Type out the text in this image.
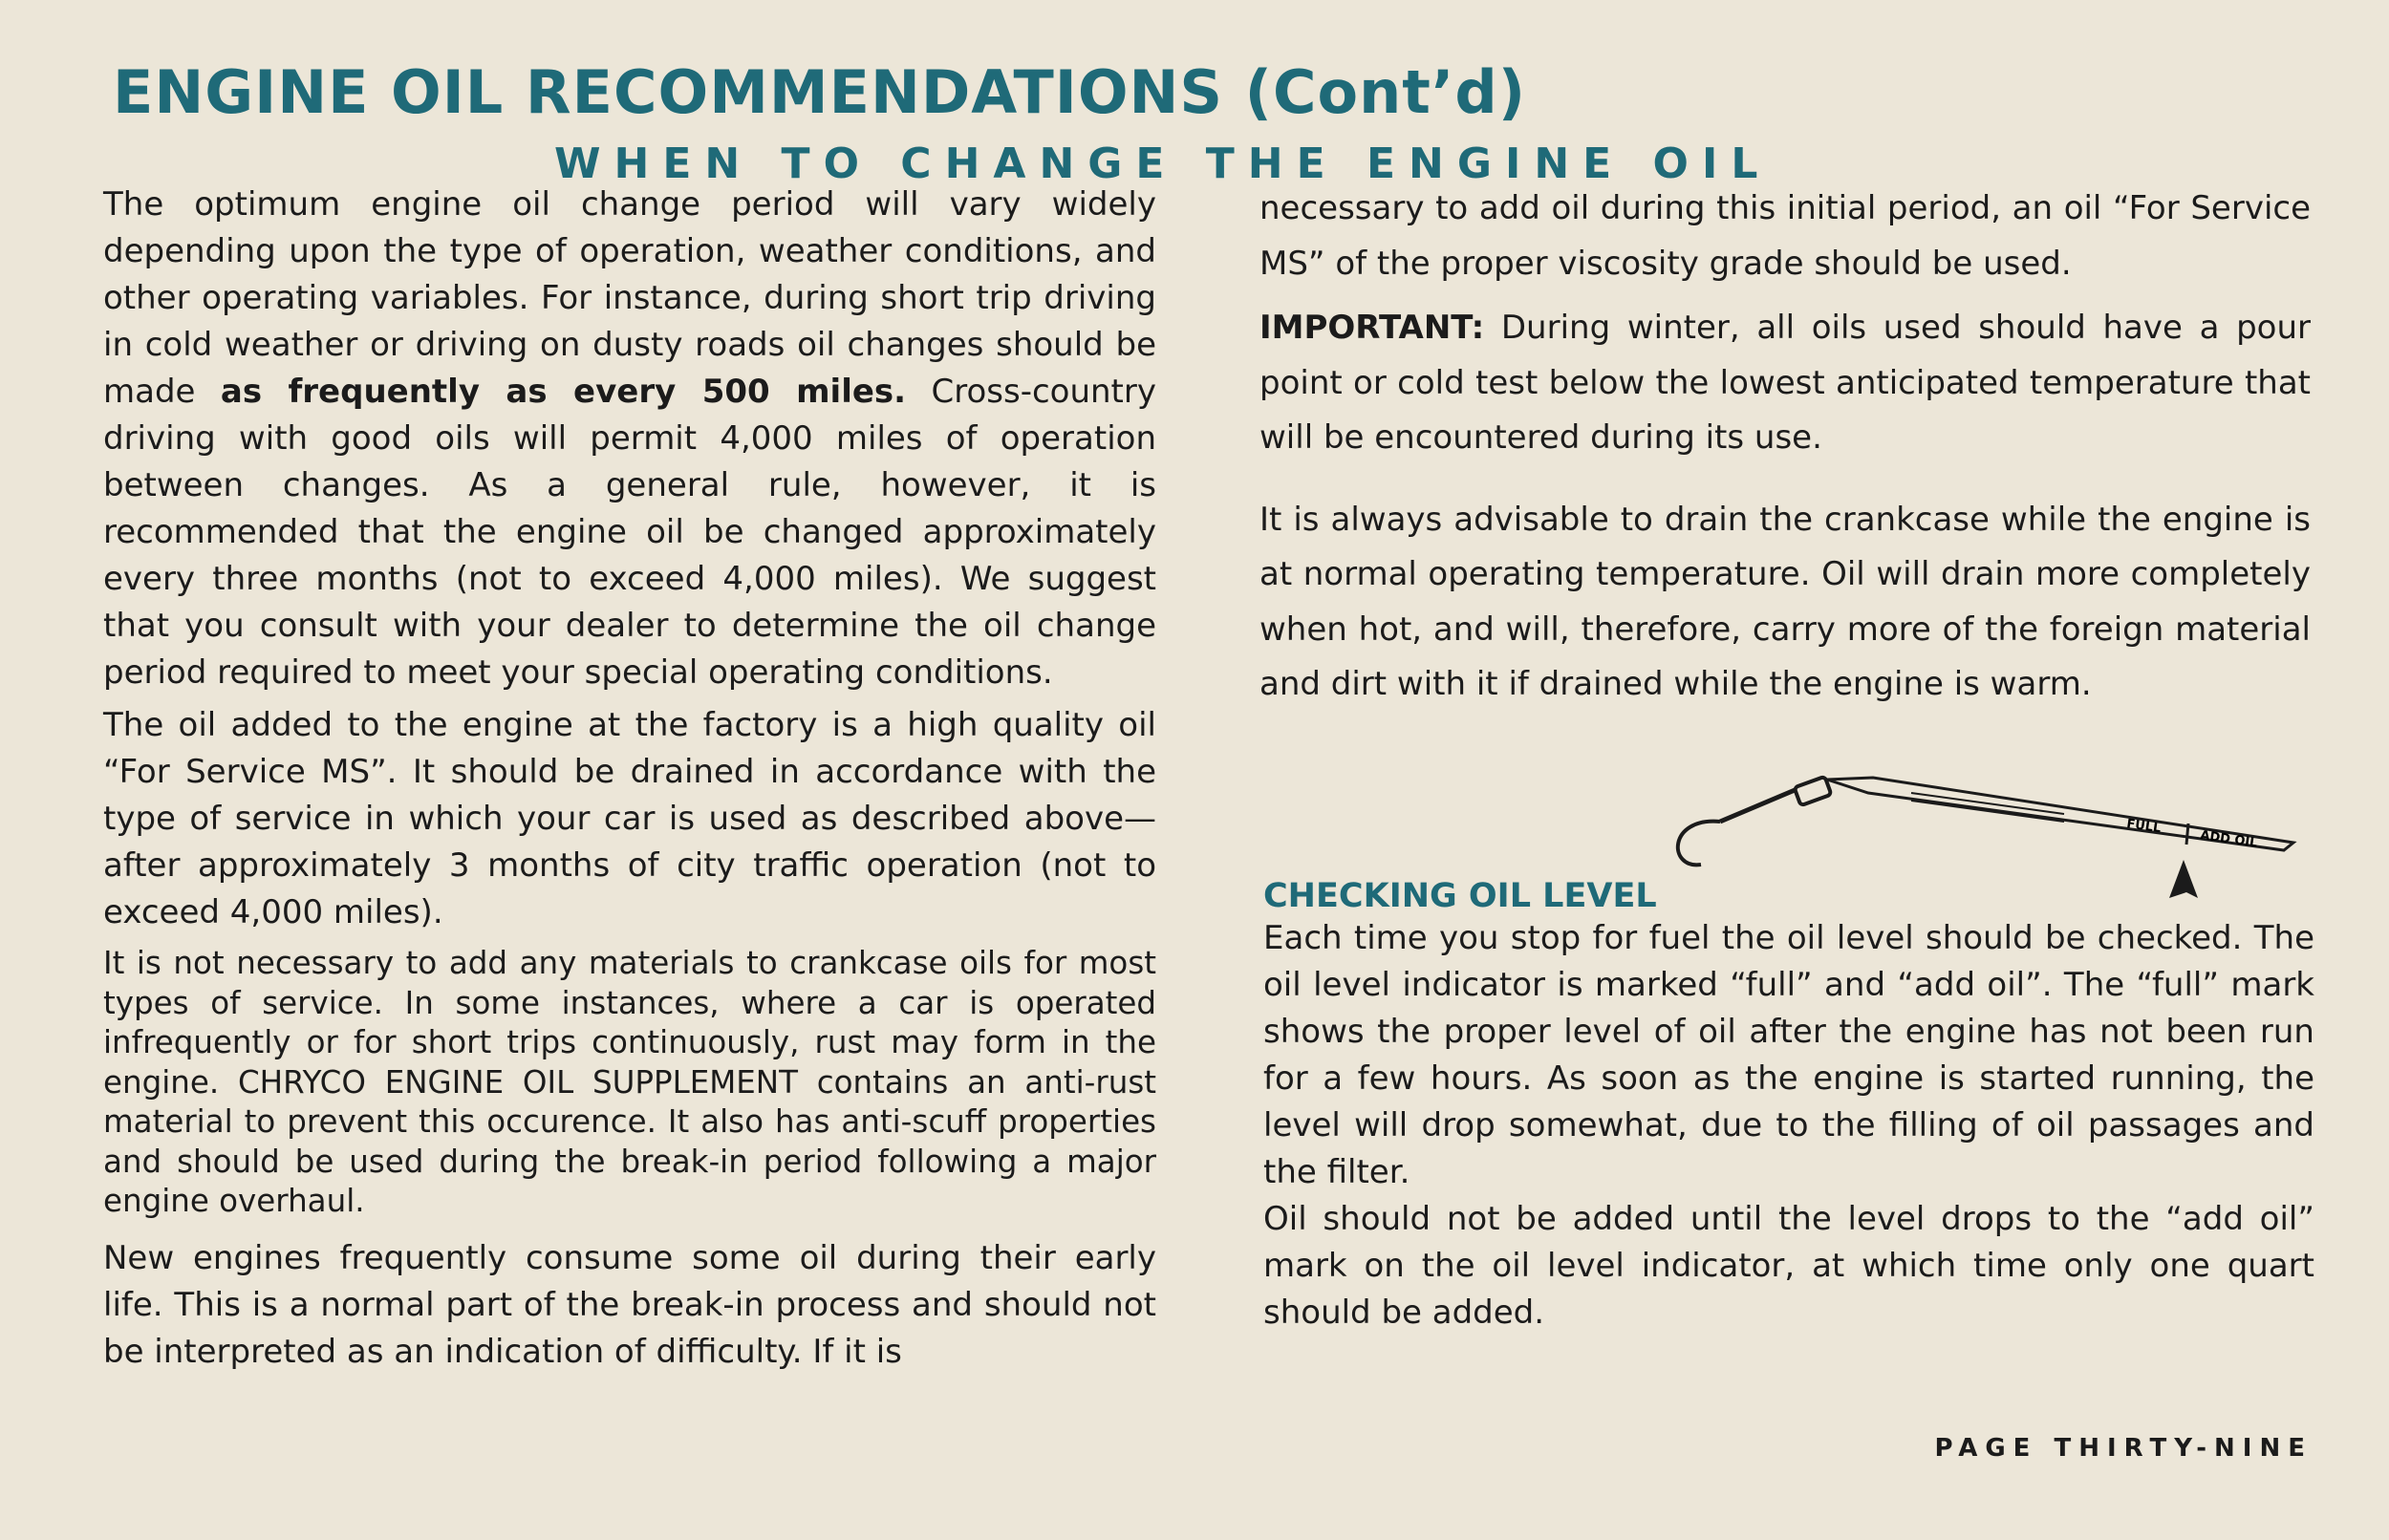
ENGINE OIL RECOMMENDATIONS (Cont’d)
WHEN TO CHANGE THE ENGINE OIL

The optimum engine oil change period will vary widely depending upon the type of operation, weather conditions, and other operating variables. For instance, during short trip driving in cold weather or driving on dusty roads oil changes should be made as frequently as every 500 miles. Cross-country driving with good oils will permit 4,000 miles of operation between changes. As a general rule, however, it is recommended that the engine oil be changed approximately every three months (not to exceed 4,000 miles). We suggest that you consult with your dealer to determine the oil change period required to meet your special operating conditions.

The oil added to the engine at the factory is a high quality oil “For Service MS”. It should be drained in accordance with the type of service in which your car is used as described above—after approximately 3 months of city traffic operation (not to exceed 4,000 miles).

It is not necessary to add any materials to crankcase oils for most types of service. In some instances, where a car is operated infrequently or for short trips continuously, rust may form in the engine. CHRYCO ENGINE OIL SUPPLEMENT contains an anti-rust material to prevent this occurence. It also has anti-scuff properties and should be used during the break-in period following a major engine overhaul.

New engines frequently consume some oil during their early life. This is a normal part of the break-in process and should not be interpreted as an indication of difficulty. If it is

necessary to add oil during this initial period, an oil “For Service MS” of the proper viscosity grade should be used.

IMPORTANT: During winter, all oils used should have a pour point or cold test below the lowest anticipated temperature that will be encountered during its use.

It is always advisable to drain the crankcase while the engine is at normal operating temperature. Oil will drain more completely when hot, and will, therefore, carry more of the foreign material and dirt with it if drained while the engine is warm.

FULL
ADD OIL
CHECKING OIL LEVEL

Each time you stop for fuel the oil level should be checked. The oil level indicator is marked “full” and “add oil”. The “full” mark shows the proper level of oil after the engine has not been run for a few hours. As soon as the engine is started running, the level will drop somewhat, due to the filling of oil passages and the filter.

Oil should not be added until the level drops to the “add oil” mark on the oil level indicator, at which time only one quart should be added.

PAGE THIRTY-NINE
